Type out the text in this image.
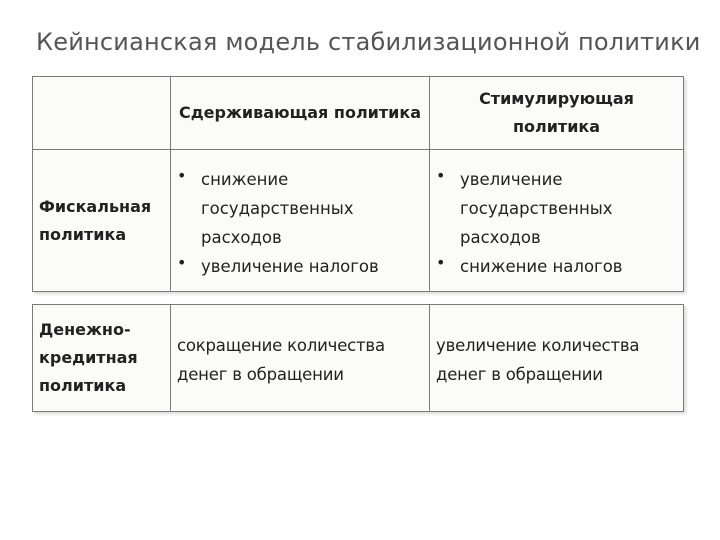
Кейнсианская модель стабилизационной политики
Сдерживающая политика
Стимулирующая политика
Фискальная политика
• снижение государственных расходов
• увеличение налогов
• увеличение государственных расходов
• снижение налогов
Денежно-кредитная политика
сокращение количества денег в обращении
увеличение количества денег в обращении
